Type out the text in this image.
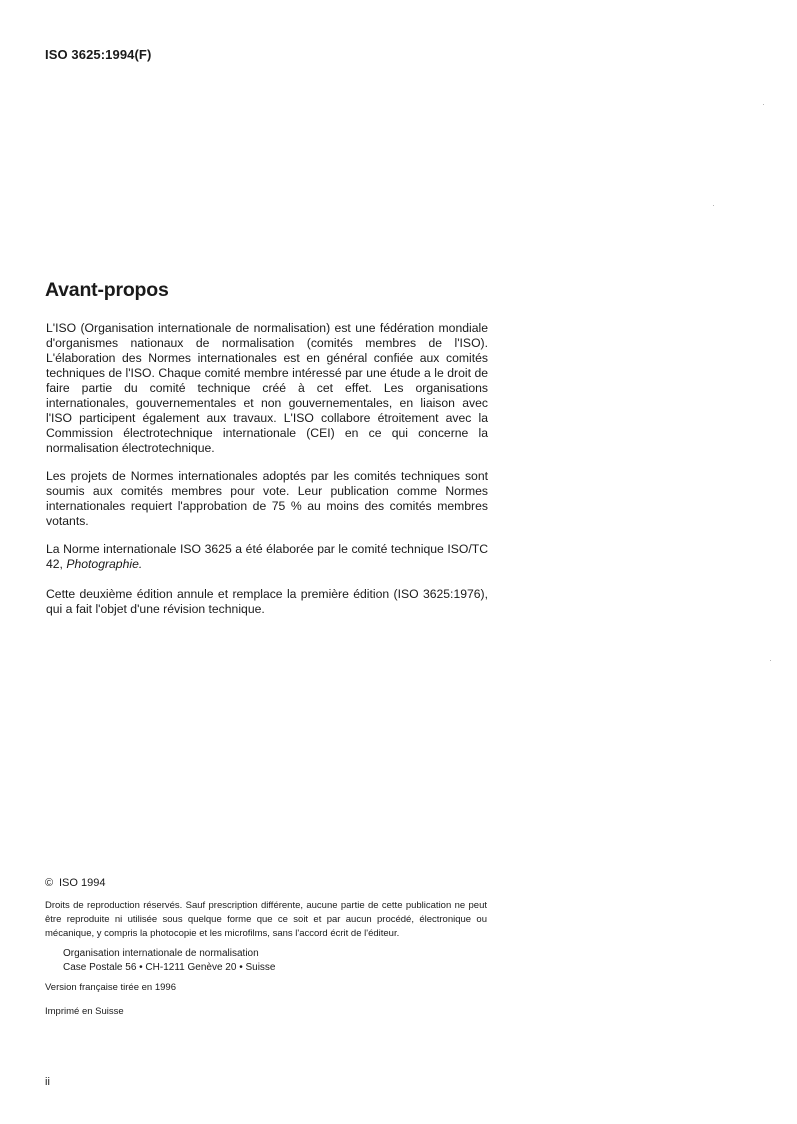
ISO 3625:1994(F)
Avant-propos

L'ISO (Organisation internationale de normalisation) est une fédération mondiale d'organismes nationaux de normalisation (comités membres de l'ISO). L'élaboration des Normes internationales est en général confiée aux comités techniques de l'ISO. Chaque comité membre intéressé par une étude a le droit de faire partie du comité technique créé à cet effet. Les organisations internationales, gouvernementales et non gouvernementales, en liaison avec l'ISO participent également aux travaux. L'ISO collabore étroitement avec la Commission électrotechnique internationale (CEI) en ce qui concerne la normalisation électrotechnique.

Les projets de Normes internationales adoptés par les comités techniques sont soumis aux comités membres pour vote. Leur publication comme Normes internationales requiert l'approbation de 75 % au moins des comités membres votants.

La Norme internationale ISO 3625 a été élaborée par le comité technique ISO/TC 42, Photographie.

Cette deuxième édition annule et remplace la première édition (ISO 3625:1976), qui a fait l'objet d'une révision technique.

© ISO 1994

Droits de reproduction réservés. Sauf prescription différente, aucune partie de cette publication ne peut être reproduite ni utilisée sous quelque forme que ce soit et par aucun procédé, électronique ou mécanique, y compris la photocopie et les microfilms, sans l'accord écrit de l'éditeur.

Organisation internationale de normalisation
Case Postale 56 • CH-1211 Genève 20 • Suisse
Version française tirée en 1996
Imprimé en Suisse
ii
